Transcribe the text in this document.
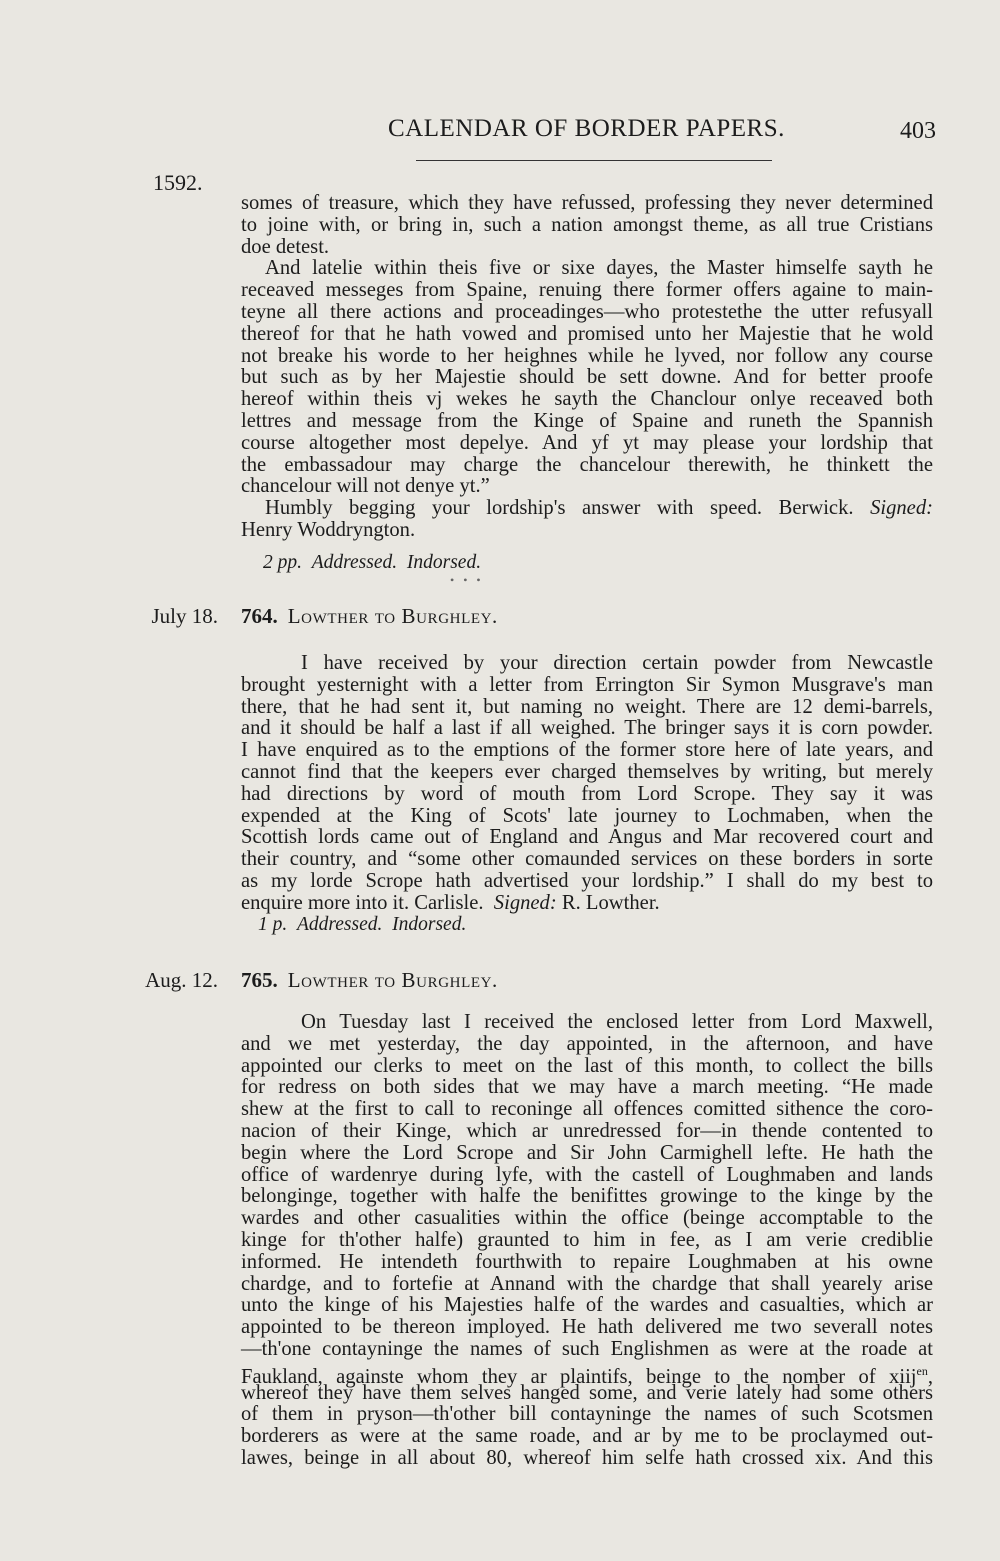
CALENDAR OF BORDER PAPERS.	403
1592.
somes of treasure, which they have refussed, professing they never determined
to joine with, or bring in, such a nation amongst theme, as all true Cristians
doe detest.
And latelie within theis five or sixe dayes, the Master himselfe sayth he
receaved messeges from Spaine, renuing there former offers againe to main-
teyne all there actions and proceadinges—who protestethe the utter refusyall
thereof for that he hath vowed and promised unto her Majestie that he wold
not breake his worde to her heighnes while he lyved, nor follow any course
but such as by her Majestie should be sett downe. And for better proofe
hereof within theis vj wekes he sayth the Chanclour onlye receaved both
lettres and message from the Kinge of Spaine and runeth the Spannish
course altogether most depelye. And yf yt may please your lordship that
the embassadour may charge the chancelour therewith, he thinkett the
chancelour will not denye yt.”
Humbly begging your lordship's answer with speed. Berwick. Signed:
Henry Woddryngton.
2 pp. Addressed. Indorsed.
• • •
July 18. 764. Lowther to Burghley.
I have received by your direction certain powder from Newcastle
brought yesternight with a letter from Errington Sir Symon Musgrave's man
there, that he had sent it, but naming no weight. There are 12 demi-barrels,
and it should be half a last if all weighed. The bringer says it is corn powder.
I have enquired as to the emptions of the former store here of late years, and
cannot find that the keepers ever charged themselves by writing, but merely
had directions by word of mouth from Lord Scrope. They say it was
expended at the King of Scots' late journey to Lochmaben, when the
Scottish lords came out of England and Angus and Mar recovered court and
their country, and “some other comaunded services on these borders in sorte
as my lorde Scrope hath advertised your lordship.” I shall do my best to
enquire more into it. Carlisle. Signed: R. Lowther.
1 p. Addressed. Indorsed.
Aug. 12. 765. Lowther to Burghley.
On Tuesday last I received the enclosed letter from Lord Maxwell,
and we met yesterday, the day appointed, in the afternoon, and have
appointed our clerks to meet on the last of this month, to collect the bills
for redress on both sides that we may have a march meeting. “He made
shew at the first to call to reconinge all offences comitted sithence the coro-
nacion of their Kinge, which ar unredressed for—in thende contented to
begin where the Lord Scrope and Sir John Carmighell lefte. He hath the
office of wardenrye during lyfe, with the castell of Loughmaben and lands
belonginge, together with halfe the benifittes growinge to the kinge by the
wardes and other casualities within the office (beinge accomptable to the
kinge for th'other halfe) graunted to him in fee, as I am verie crediblie
informed. He intendeth fourthwith to repaire Loughmaben at his owne
chardge, and to fortefie at Annand with the chardge that shall yearely arise
unto the kinge of his Majesties halfe of the wardes and casualties, which ar
appointed to be thereon imployed. He hath delivered me two severall notes
—th'one contayninge the names of such Englishmen as were at the roade at
Faukland, againste whom they ar plaintifs, beinge to the nomber of xiij$^{en}$,
whereof they have them selves hanged some, and verie lately had some others
of them in pryson—th'other bill contayninge the names of such Scotsmen
borderers as were at the same roade, and ar by me to be proclaymed out-
lawes, beinge in all about 80, whereof him selfe hath crossed xix. And this
